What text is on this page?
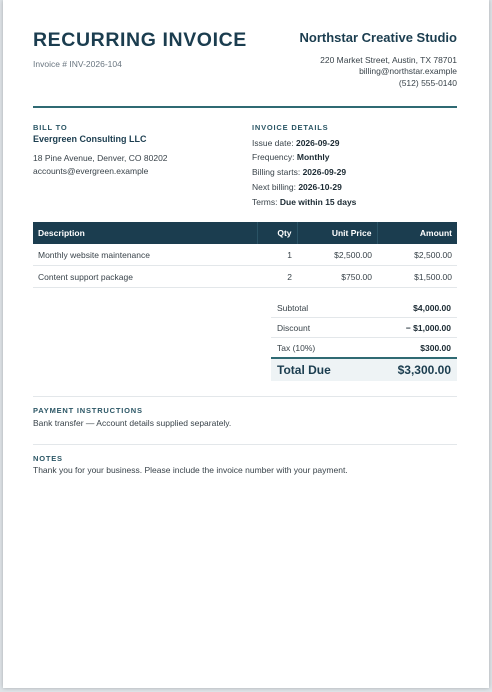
RECURRING INVOICE
Invoice # INV-2026-104
Northstar Creative Studio
220 Market Street, Austin, TX 78701
billing@northstar.example
(512) 555-0140
BILL TO
Evergreen Consulting LLC
18 Pine Avenue, Denver, CO 80202
accounts@evergreen.example
INVOICE DETAILS
Issue date: 2026-09-29
Frequency: Monthly
Billing starts: 2026-09-29
Next billing: 2026-10-29
Terms: Due within 15 days
Description	Qty	Unit Price	Amount
Monthly website maintenance	1	$2,500.00	$2,500.00
Content support package	2	$750.00	$1,500.00
Subtotal	$4,000.00
Discount	− $1,000.00
Tax (10%)	$300.00
Total Due	$3,300.00
PAYMENT INSTRUCTIONS
Bank transfer — Account details supplied separately.
NOTES
Thank you for your business. Please include the invoice number with your payment.
